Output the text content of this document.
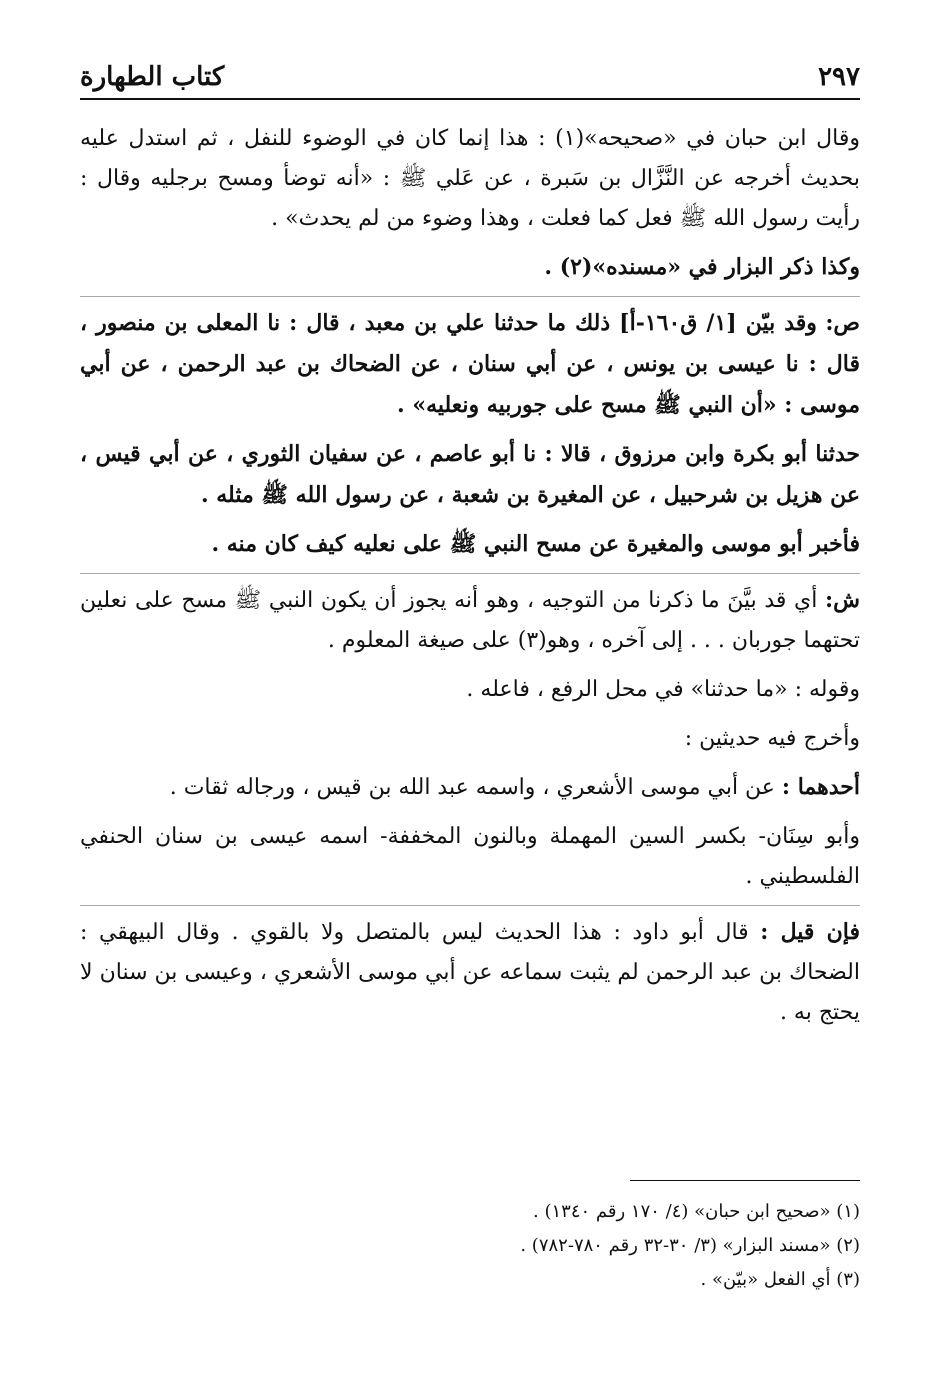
كتاب الطهارة	٢٩٧

وقال ابن حبان في «صحيحه»(١) : هذا إنما كان في الوضوء للنفل ، ثم استدل عليه بحديث أخرجه عن النَّزَّال بن سَبرة ، عن عَلي ﷺ : «أنه توضأ ومسح برجليه وقال : رأيت رسول الله ﷺ فعل كما فعلت ، وهذا وضوء من لم يحدث» .

وكذا ذكر البزار في «مسنده»(٢) .

ص: وقد بيّن [١/ ق١٦٠-أ] ذلك ما حدثنا علي بن معبد ، قال : نا المعلى بن منصور ، قال : نا عيسى بن يونس ، عن أبي سنان ، عن الضحاك بن عبد الرحمن ، عن أبي موسى : «أن النبي ﷺ مسح على جوربيه ونعليه» .

حدثنا أبو بكرة وابن مرزوق ، قالا : نا أبو عاصم ، عن سفيان الثوري ، عن أبي قيس ، عن هزيل بن شرحبيل ، عن المغيرة بن شعبة ، عن رسول الله ﷺ مثله .

فأخبر أبو موسى والمغيرة عن مسح النبي ﷺ على نعليه كيف كان منه .

ش: أي قد بيَّنَ ما ذكرنا من التوجيه ، وهو أنه يجوز أن يكون النبي ﷺ مسح على نعلين تحتهما جوربان . . . إلى آخره ، وهو(٣) على صيغة المعلوم .

وقوله : «ما حدثنا» في محل الرفع ، فاعله .

وأخرج فيه حديثين :

أحدهما : عن أبي موسى الأشعري ، واسمه عبد الله بن قيس ، ورجاله ثقات .

وأبو سِنَان- بكسر السين المهملة وبالنون المخففة- اسمه عيسى بن سنان الحنفي الفلسطيني .

فإن قيل : قال أبو داود : هذا الحديث ليس بالمتصل ولا بالقوي . وقال البيهقي : الضحاك بن عبد الرحمن لم يثبت سماعه عن أبي موسى الأشعري ، وعيسى بن سنان لا يحتج به .

(١) «صحيح ابن حبان» (٤/ ١٧٠ رقم ١٣٤٠) .
(٢) «مسند البزار» (٣/ ٣٠-٣٢ رقم ٧٨٠-٧٨٢) .
(٣) أي الفعل «بيّن» .
